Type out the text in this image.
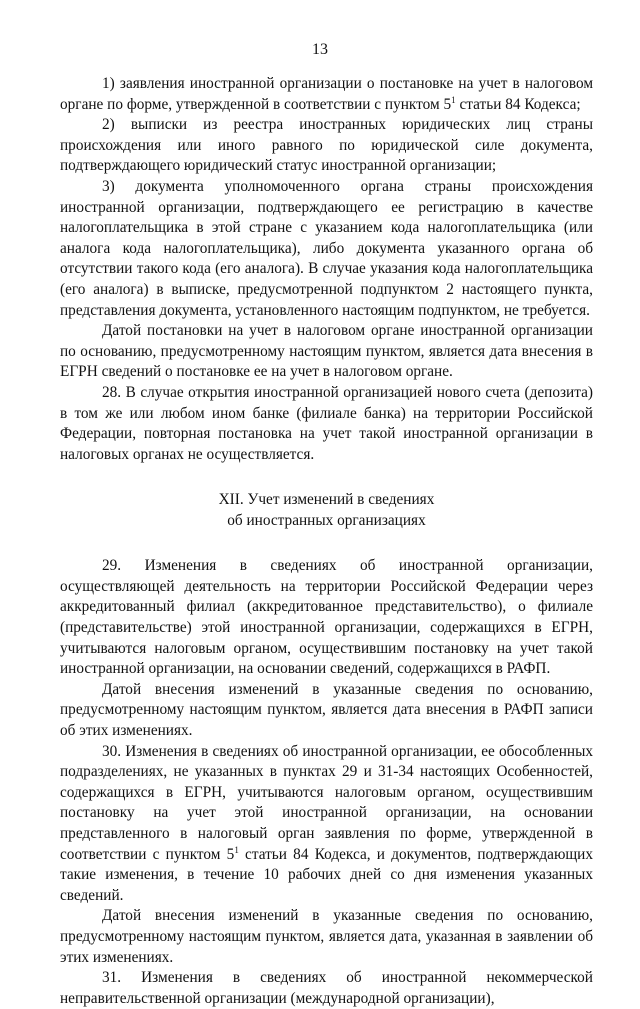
13

1) заявления иностранной организации о постановке на учет в налоговом органе по форме, утвержденной в соответствии с пунктом $5^1$ статьи 84 Кодекса;

2) выписки из реестра иностранных юридических лиц страны происхождения или иного равного по юридической силе документа, подтверждающего юридический статус иностранной организации;

3) документа уполномоченного органа страны происхождения иностранной организации, подтверждающего ее регистрацию в качестве налогоплательщика в этой стране с указанием кода налогоплательщика (или аналога кода налогоплательщика), либо документа указанного органа об отсутствии такого кода (его аналога). В случае указания кода налогоплательщика (его аналога) в выписке, предусмотренной подпунктом 2 настоящего пункта, представления документа, установленного настоящим подпунктом, не требуется.

Датой постановки на учет в налоговом органе иностранной организации по основанию, предусмотренному настоящим пунктом, является дата внесения в ЕГРН сведений о постановке ее на учет в налоговом органе.

28. В случае открытия иностранной организацией нового счета (депозита) в том же или любом ином банке (филиале банка) на территории Российской Федерации, повторная постановка на учет такой иностранной организации в налоговых органах не осуществляется.

XII. Учет изменений в сведениях
об иностранных организациях

29. Изменения в сведениях об иностранной организации, осуществляющей деятельность на территории Российской Федерации через аккредитованный филиал (аккредитованное представительство), о филиале (представительстве) этой иностранной организации, содержащихся в ЕГРН, учитываются налоговым органом, осуществившим постановку на учет такой иностранной организации, на основании сведений, содержащихся в РАФП.

Датой внесения изменений в указанные сведения по основанию, предусмотренному настоящим пунктом, является дата внесения в РАФП записи об этих изменениях.

30. Изменения в сведениях об иностранной организации, ее обособленных подразделениях, не указанных в пунктах 29 и 31-34 настоящих Особенностей, содержащихся в ЕГРН, учитываются налоговым органом, осуществившим постановку на учет этой иностранной организации, на основании представленного в налоговый орган заявления по форме, утвержденной в соответствии с пунктом $5^1$ статьи 84 Кодекса, и документов, подтверждающих такие изменения, в течение 10 рабочих дней со дня изменения указанных сведений.

Датой внесения изменений в указанные сведения по основанию, предусмотренному настоящим пунктом, является дата, указанная в заявлении об этих изменениях.

31. Изменения в сведениях об иностранной некоммерческой неправительственной организации (международной организации),
